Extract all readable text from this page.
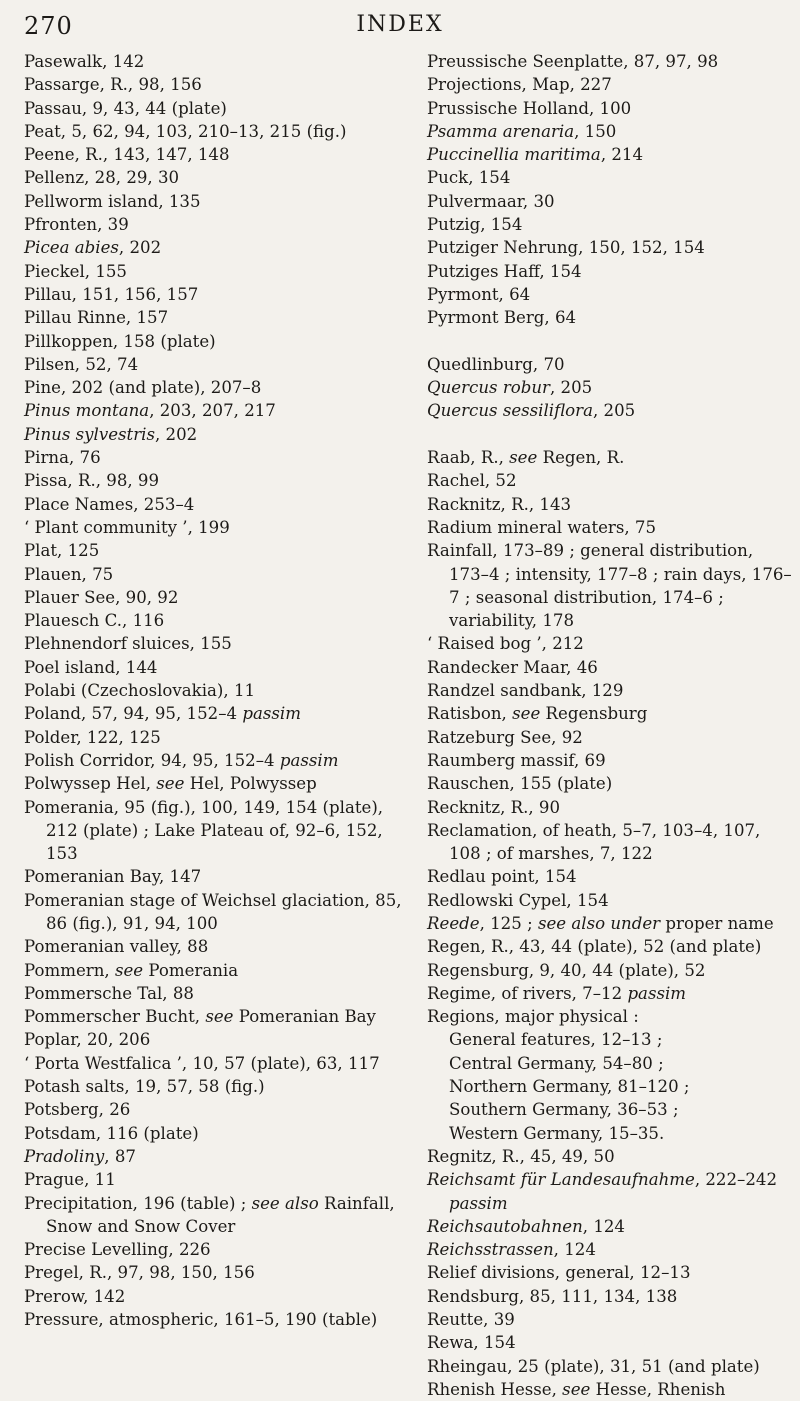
270	INDEX

Pasewalk, 142

Passarge, R., 98, 156

Passau, 9, 43, 44 (plate)

Peat, 5, 62, 94, 103, 210–13, 215 (fig.)

Peene, R., 143, 147, 148

Pellenz, 28, 29, 30

Pellworm island, 135

Pfronten, 39

Picea abies, 202

Pieckel, 155

Pillau, 151, 156, 157

Pillau Rinne, 157

Pillkoppen, 158 (plate)

Pilsen, 52, 74

Pine, 202 (and plate), 207–8

Pinus montana, 203, 207, 217

Pinus sylvestris, 202

Pirna, 76

Pissa, R., 98, 99

Place Names, 253–4

‘ Plant community ’, 199

Plat, 125

Plauen, 75

Plauer See, 90, 92

Plauesch C., 116

Plehnendorf sluices, 155

Poel island, 144

Polabi (Czechoslovakia), 11

Poland, 57, 94, 95, 152–4 passim

Polder, 122, 125

Polish Corridor, 94, 95, 152–4 passim

Polwyssep Hel, see Hel, Polwyssep

Pomerania, 95 (fig.), 100, 149, 154 (plate), 212 (plate) ; Lake Plateau of, 92–6, 152, 153

Pomeranian Bay, 147

Pomeranian stage of Weichsel glaciation, 85, 86 (fig.), 91, 94, 100

Pomeranian valley, 88

Pommern, see Pomerania

Pommersche Tal, 88

Pommerscher Bucht, see Pomeranian Bay

Poplar, 20, 206

‘ Porta Westfalica ’, 10, 57 (plate), 63, 117

Potash salts, 19, 57, 58 (fig.)

Potsberg, 26

Potsdam, 116 (plate)

Pradoliny, 87

Prague, 11

Precipitation, 196 (table) ; see also Rainfall, Snow and Snow Cover

Precise Levelling, 226

Pregel, R., 97, 98, 150, 156

Prerow, 142

Pressure, atmospheric, 161–5, 190 (table)

Preussische Seenplatte, 87, 97, 98

Projections, Map, 227

Prussische Holland, 100

Psamma arenaria, 150

Puccinellia maritima, 214

Puck, 154

Pulvermaar, 30

Putzig, 154

Putziger Nehrung, 150, 152, 154

Putziges Haff, 154

Pyrmont, 64

Pyrmont Berg, 64

Quedlinburg, 70

Quercus robur, 205

Quercus sessiliflora, 205

Raab, R., see Regen, R.

Rachel, 52

Racknitz, R., 143

Radium mineral waters, 75

Rainfall, 173–89 ; general distribution, 173–4 ; intensity, 177–8 ; rain days, 176–7 ; seasonal distribution, 174–6 ; variability, 178

‘ Raised bog ’, 212

Randecker Maar, 46

Randzel sandbank, 129

Ratisbon, see Regensburg

Ratzeburg See, 92

Raumberg massif, 69

Rauschen, 155 (plate)

Recknitz, R., 90

Reclamation, of heath, 5–7, 103–4, 107, 108 ; of marshes, 7, 122

Redlau point, 154

Redlowski Cypel, 154

Reede, 125 ; see also under proper name

Regen, R., 43, 44 (plate), 52 (and plate)

Regensburg, 9, 40, 44 (plate), 52

Regime, of rivers, 7–12 passim

Regions, major physical :

General features, 12–13 ;

Central Germany, 54–80 ;

Northern Germany, 81–120 ;

Southern Germany, 36–53 ;

Western Germany, 15–35.

Regnitz, R., 45, 49, 50

Reichsamt für Landesaufnahme, 222–242 passim

Reichsautobahnen, 124

Reichsstrassen, 124

Relief divisions, general, 12–13

Rendsburg, 85, 111, 134, 138

Reutte, 39

Rewa, 154

Rheingau, 25 (plate), 31, 51 (and plate)

Rhenish Hesse, see Hesse, Rhenish
